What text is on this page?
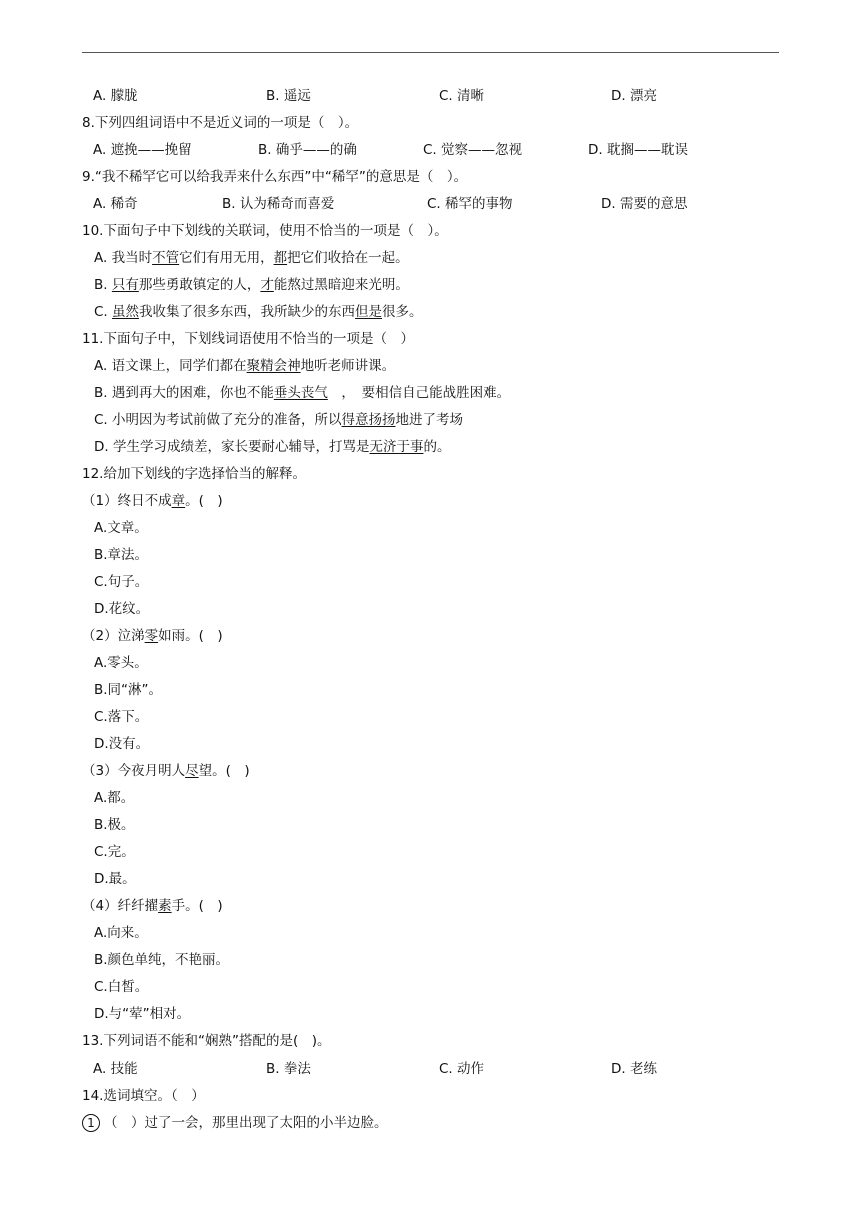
A. 朦胧	B. 遥远	C. 清晰	D. 漂亮
8.下列四组词语中不是近义词的一项是（　）。
A. 遮挽——挽留	B. 确乎——的确	C. 觉察——忽视	D. 耽搁——耽误
9.“我不稀罕它可以给我弄来什么东西”中“稀罕”的意思是（　）。
A. 稀奇	B. 认为稀奇而喜爱	C. 稀罕的事物	D. 需要的意思
10.下面句子中下划线的关联词，使用不恰当的一项是（　）。
A. 我当时不管它们有用无用，都把它们收拾在一起。
B. 只有那些勇敢镇定的人，才能熬过黑暗迎来光明。
C. 虽然我收集了很多东西，我所缺少的东西但是很多。
11.下面句子中，下划线词语使用不恰当的一项是（　）
A. 语文课上，同学们都在聚精会神地听老师讲课。
B. 遇到再大的困难，你也不能垂头丧气　，　要相信自己能战胜困难。
C. 小明因为考试前做了充分的准备，所以得意扬扬地进了考场
D. 学生学习成绩差，家长要耐心辅导，打骂是无济于事的。
12.给加下划线的字选择恰当的解释。
（1）终日不成章。(　)
A.文章。
B.章法。
C.句子。
D.花纹。
（2）泣涕零如雨。(　)
A.零头。
B.同“淋”。
C.落下。
D.没有。
（3）今夜月明人尽望。(　)
A.都。
B.极。
C.完。
D.最。
（4）纤纤擢素手。(　)
A.向来。
B.颜色单纯，不艳丽。
C.白皙。
D.与“荤”相对。
13.下列词语不能和“娴熟”搭配的是(　)。
A. 技能	B. 拳法	C. 动作	D. 老练
14.选词填空。（　）
1 （　）过了一会，那里出现了太阳的小半边脸。
